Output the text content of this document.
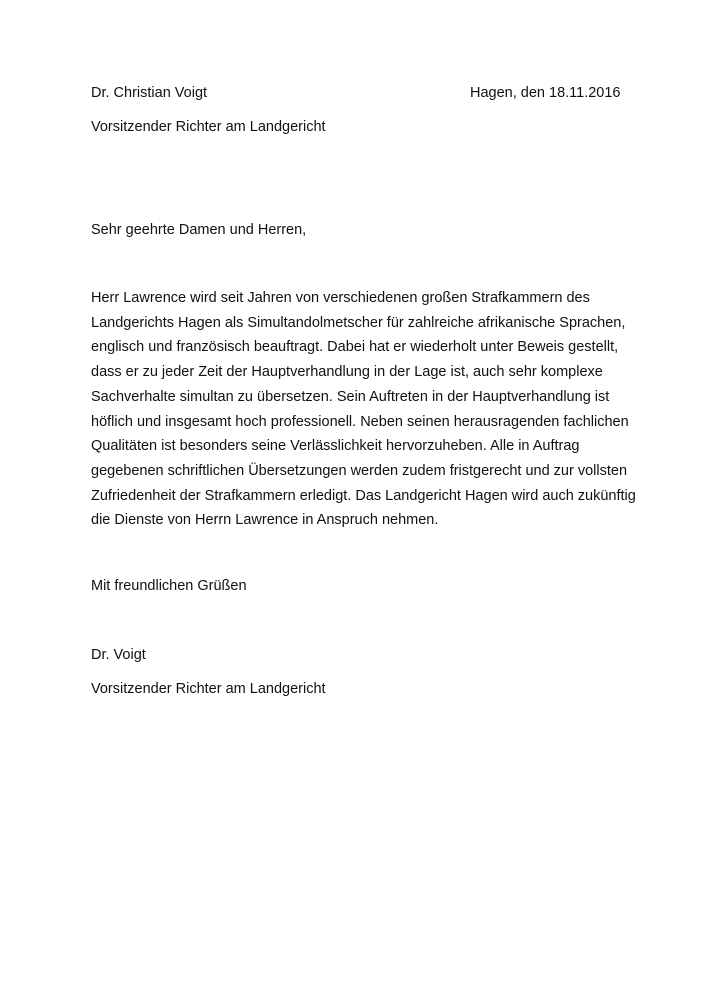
Dr. Christian Voigt	Hagen, den 18.11.2016
Vorsitzender Richter am Landgericht
Sehr geehrte Damen und Herren,
Herr Lawrence wird seit Jahren von verschiedenen großen Strafkammern des
Landgerichts Hagen als Simultandolmetscher für zahlreiche afrikanische Sprachen,
englisch und französisch beauftragt. Dabei hat er wiederholt unter Beweis gestellt,
dass er zu jeder Zeit der Hauptverhandlung in der Lage ist, auch sehr komplexe
Sachverhalte simultan zu übersetzen. Sein Auftreten in der Hauptverhandlung ist
höflich und insgesamt hoch professionell. Neben seinen herausragenden fachlichen
Qualitäten ist besonders seine Verlässlichkeit hervorzuheben. Alle in Auftrag
gegebenen schriftlichen Übersetzungen werden zudem fristgerecht und zur vollsten
Zufriedenheit der Strafkammern erledigt. Das Landgericht Hagen wird auch zukünftig
die Dienste von Herrn Lawrence in Anspruch nehmen.
Mit freundlichen Grüßen
Dr. Voigt
Vorsitzender Richter am Landgericht
